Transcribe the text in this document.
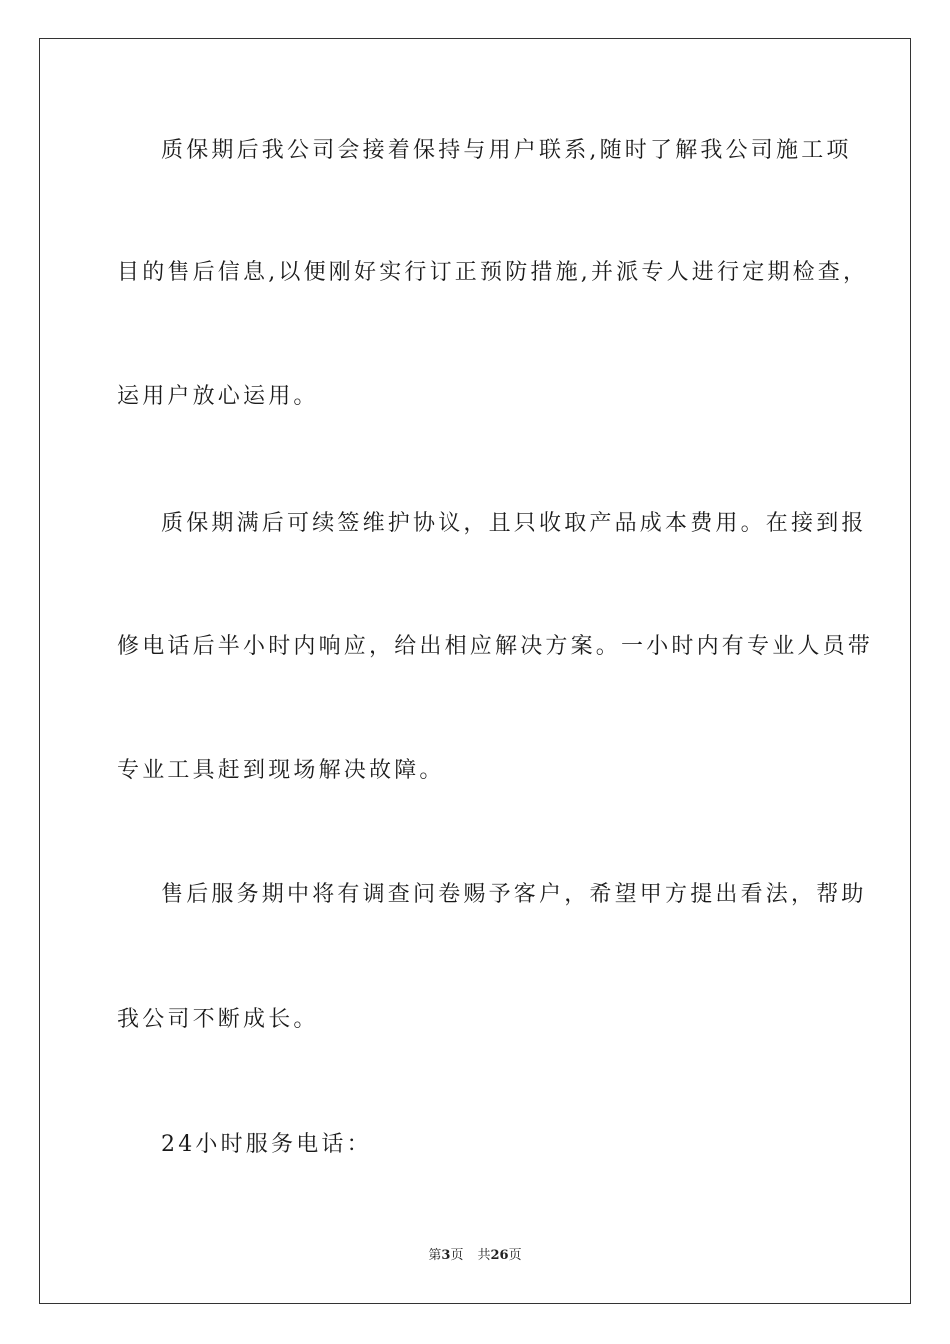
质保期后我公司会接着保持与用户联系,随时了解我公司施工项
目的售后信息,以便刚好实行订正预防措施,并派专人进行定期检查，
运用户放心运用。
质保期满后可续签维护协议，且只收取产品成本费用。在接到报
修电话后半小时内响应，给出相应解决方案。一小时内有专业人员带
专业工具赶到现场解决故障。
售后服务期中将有调查问卷赐予客户，希望甲方提出看法，帮助
我公司不断成长。
24小时服务电话：
第3页 共26页
